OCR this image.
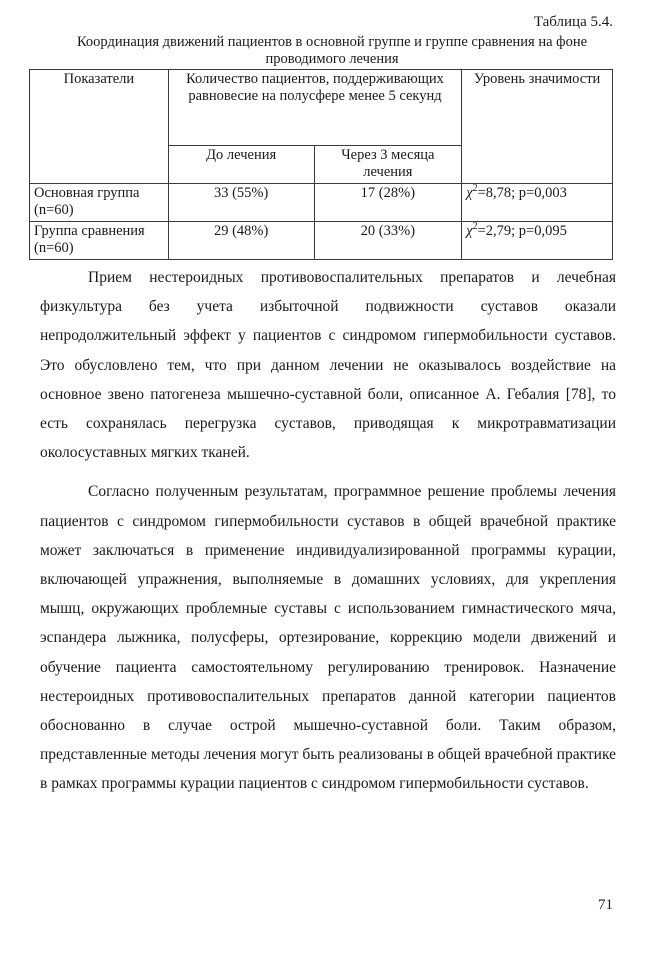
Таблица 5.4.
Координация движений пациентов в основной группе и группе сравнения на фоне проводимого лечения
Показатели	Количество пациентов, поддерживающих равновесие на полусфере менее 5 секунд		Уровень значимости
	До лечения	Через 3 месяца лечения	
Основная группа (n=60)	33 (55%)	17 (28%)	$\chi^2=8,78$; р=0,003
Группа сравнения (n=60)	29 (48%)	20 (33%)	$\chi^2=2,79$; р=0,095

Прием нестероидных противовоспалительных препаратов и лечебная физкультура без учета избыточной подвижности суставов оказали непродолжительный эффект у пациентов с синдромом гипермобильности суставов. Это обусловлено тем, что при данном лечении не оказывалось воздействие на основное звено патогенеза мышечно-суставной боли, описанное А. Гебалия [78], то есть сохранялась перегрузка суставов, приводящая к микротравматизации околосуставных мягких тканей.

Согласно полученным результатам, программное решение проблемы лечения пациентов с синдромом гипермобильности суставов в общей врачебной практике может заключаться в применение индивидуализированной программы курации, включающей упражнения, выполняемые в домашних условиях, для укрепления мышц, окружающих проблемные суставы с использованием гимнастического мяча, эспандера лыжника, полусферы, ортезирование, коррекцию модели движений и обучение пациента самостоятельному регулированию тренировок. Назначение нестероидных противовоспалительных препаратов данной категории пациентов обоснованно в случае острой мышечно-суставной боли. Таким образом, представленные методы лечения могут быть реализованы в общей врачебной практике в рамках программы курации пациентов с синдромом гипермобильности суставов.

71
